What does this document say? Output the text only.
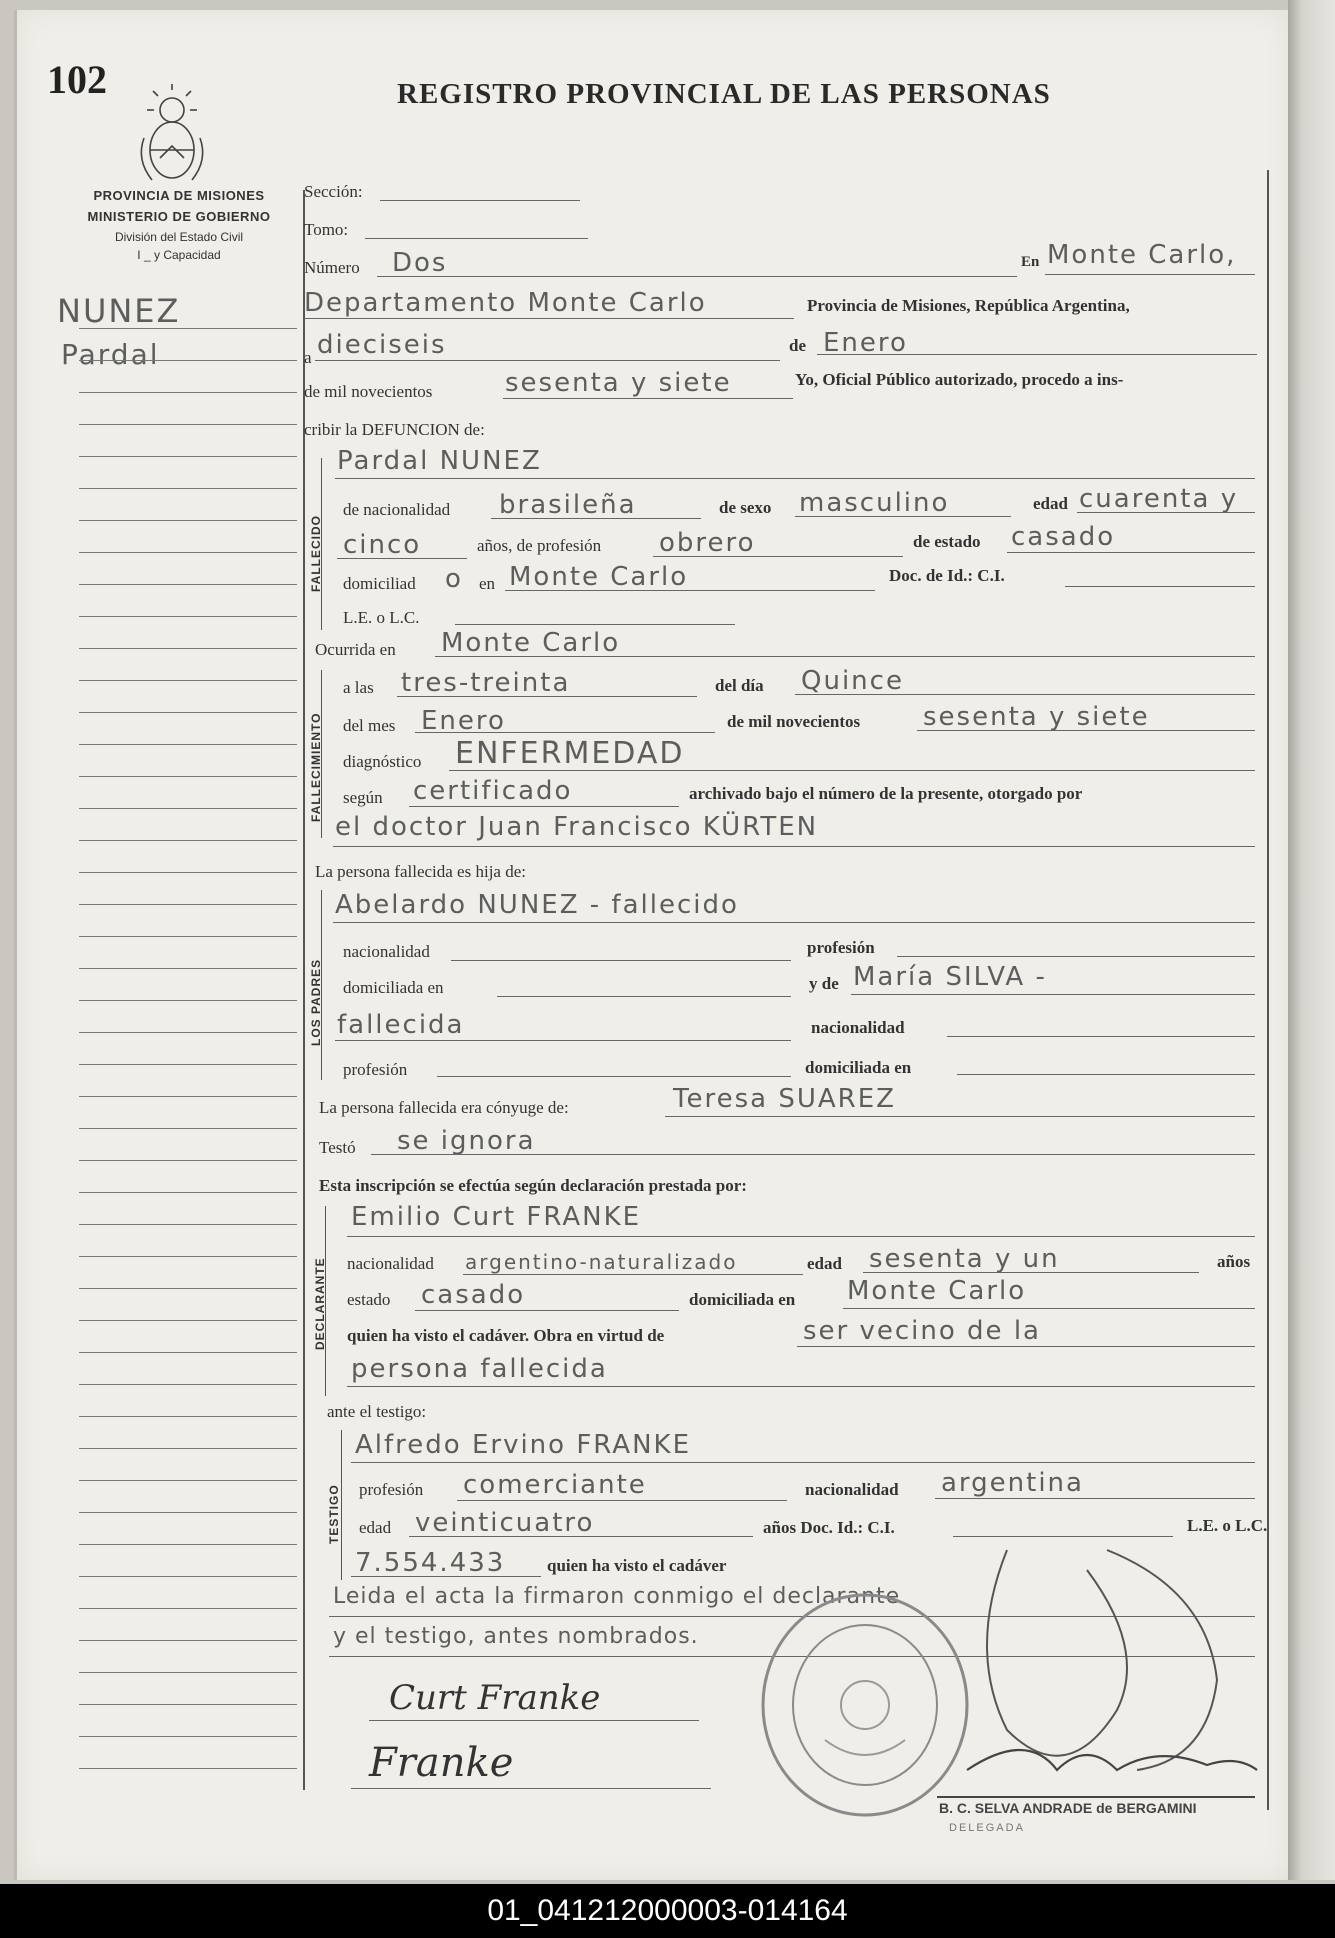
102	REGISTRO PROVINCIAL DE LAS PERSONAS
PROVINCIA DE MISIONES
MINISTERIO DE GOBIERNO
División del Estado Civil
I _ y Capacidad
NUNEZ
Pardal
Sección:
Tomo:
Número Dos	En Monte Carlo,
Departamento Monte Carlo	Provincia de Misiones, República Argentina,
a dieciseis	de Enero
de mil novecientos	sesenta y siete	Yo, Oficial Público autorizado, procedo a ins-
cribir la DEFUNCION de:
FALLECIDO
Pardal NUNEZ
de nacionalidad brasileña	de sexo masculino	edad cuarenta y
cinco	años, de profesión obrero	de estado casado
domiciliad o en Monte Carlo	Doc. de Id.: C.I.
L.E. o L.C.
Ocurrida en Monte Carlo
FALLECIMIENTO
a las tres-treinta	del día Quince
del mes Enero	de mil novecientos sesenta y siete
diagnóstico ENFERMEDAD
según certificado	archivado bajo el número de la presente, otorgado por
el doctor Juan Francisco KÜRTEN
La persona fallecida es hija de:
LOS PADRES
Abelardo NUNEZ - fallecido
nacionalidad	profesión
domiciliada en	y de María SILVA -
fallecida	nacionalidad
profesión	domiciliada en
La persona fallecida era cónyuge de:	Teresa SUAREZ
Testó se ignora
Esta inscripción se efectúa según declaración prestada por:
DECLARANTE
Emilio Curt FRANKE
nacionalidad argentino-naturalizado	edad sesenta y un	años
estado casado	domiciliada en Monte Carlo
quien ha visto el cadáver. Obra en virtud de	ser vecino de la
persona fallecida
ante el testigo:
TESTIGO
Alfredo Ervino FRANKE
profesión comerciante	nacionalidad argentina
edad veinticuatro	años Doc. Id.: C.I.	L.E. o L.C.
7.554.433 quien ha visto el cadáver
Leida el acta la firmaron conmigo el declarante
y el testigo, antes nombrados.
Curt Franke
Franke
B. C. SELVA ANDRADE de BERGAMINI
DELEGADA
01_041212000003-014164
